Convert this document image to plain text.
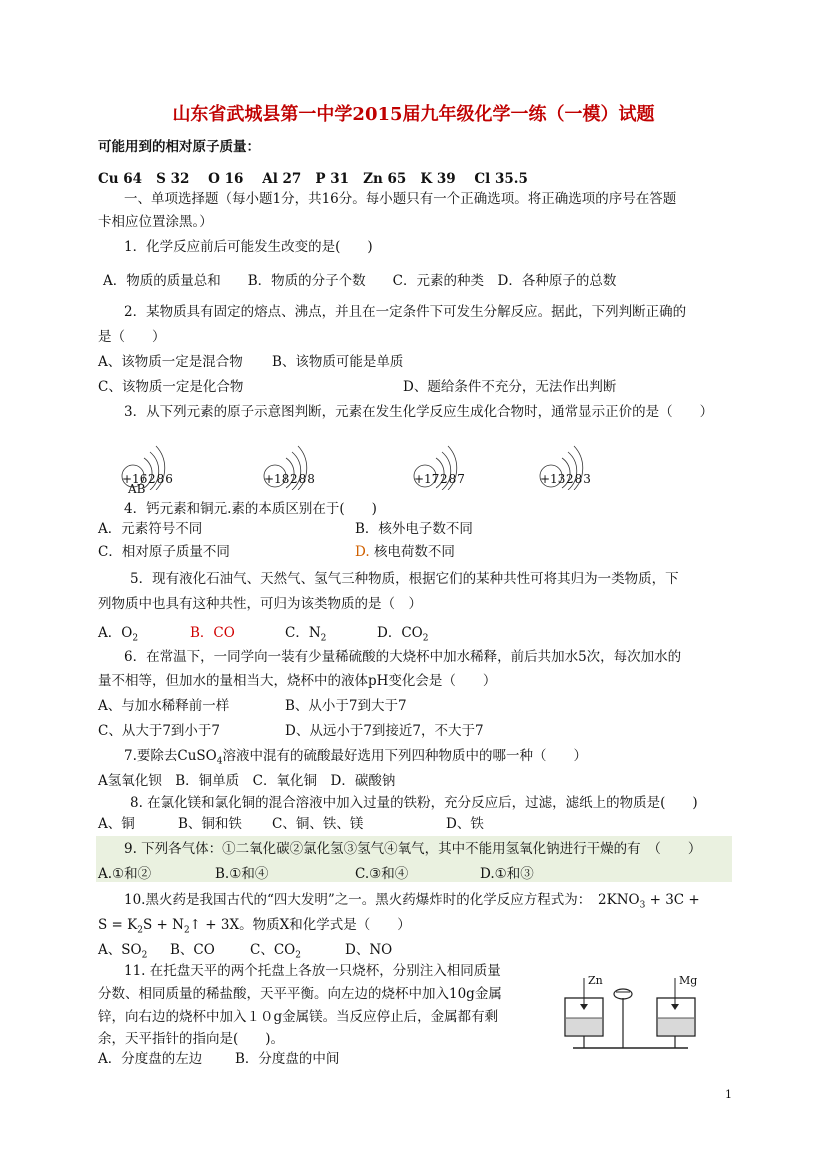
山东省武城县第一中学2015届九年级化学一练（一模）试题
可能用到的相对原子质量：
Cu 64   S 32    O 16    Al 27   P 31   Zn 65   K 39    Cl 35.5
一、单项选择题（每小题1分，共16分。每小题只有一个正确选项。将正确选项的序号在答题
卡相应位置涂黑。）
1．化学反应前后可能发生改变的是(　　)
A．物质的质量总和　　B．物质的分子个数　　C．元素的种类　D．各种原子的总数
2．某物质具有固定的熔点、沸点，并且在一定条件下可发生分解反应。据此，下列判断正确的
是（　　）
A、该物质一定是混合物 B、该物质可能是单质
C、该物质一定是化合物	D、题给条件不充分，无法作出判断
3．从下列元素的原子示意图判断，元素在发生化学反应生成化合物时，通常显示正价的是（　　）
+16 286
AB
+18 288	+17 287	+13 283
4．钙元素和铜元.素的本质区别在于(　　)
A．元素符号不同	B．核外电子数不同
C．相对原子质量不同	D. 核电荷数不同
5．现有液化石油气、天然气、氢气三种物质，根据它们的某种共性可将其归为一类物质，下
列物质中也具有这种共性，可归为该类物质的是（　）
A．$O_2$	B．CO	C．$N_2$	D．$CO_2$
6．在常温下，一同学向一装有少量稀硫酸的大烧杯中加水稀释，前后共加水5次，每次加水的
量不相等，但加水的量相当大，烧杯中的液体pH变化会是（　　）
A、与加水稀释前一样	B、从小于7到大于7
C、从大于7到小于7	D、从远小于7到接近7，不大于7
7.要除去CuSO$_4$溶液中混有的硫酸最好选用下列四种物质中的哪一种（　　）
A氢氧化钡　B．铜单质　C．氧化铜　D．碳酸钠
8. 在氯化镁和氯化铜的混合溶液中加入过量的铁粉，充分反应后，过滤，滤纸上的物质是(　　)
A、铜	B、铜和铁 C、铜、铁、镁	D、铁
9. 下列各气体：①二氧化碳②氯化氢③氢气④氧气，其中不能用氢氧化钠进行干燥的有　（　　）
A.①和②	B.①和④	C.③和④	D.①和③
10.黑火药是我国古代的“四大发明”之一。黑火药爆炸时的化学反应方程式为：　$2KNO_3 + 3C$ +
$S = K_2S$ + $N_2↑ + 3X$。物质X和化学式是（　　）
A、$SO_2$ B、CO	C、$CO_2$	D、NO
11. 在托盘天平的两个托盘上各放一只烧杯，分别注入相同质量
分数、相同质量的稀盐酸，天平平衡。向左边的烧杯中加入10g金属
锌，向右边的烧杯中加入１０g金属镁。当反应停止后，金属都有剩
余，天平指针的指向是(　　)。
A．分度盘的左边 B．分度盘的中间
Zn	Mg
1
